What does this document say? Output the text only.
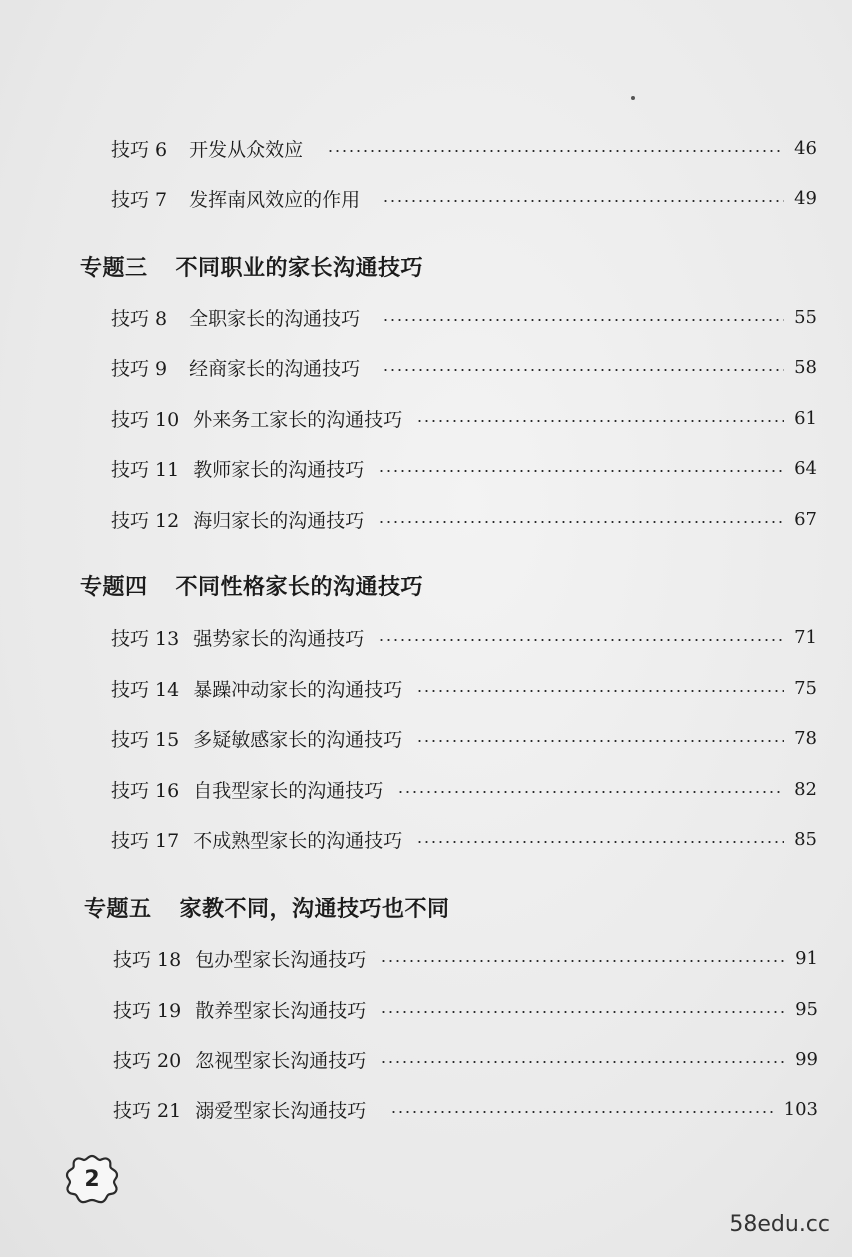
技巧 6 开发从众效应	46
技巧 7 发挥南风效应的作用	49
专题三 不同职业的家长沟通技巧
技巧 8 全职家长的沟通技巧	55
技巧 9 经商家长的沟通技巧	58
技巧 10 外来务工家长的沟通技巧	61
技巧 11 教师家长的沟通技巧	64
技巧 12 海归家长的沟通技巧	67
专题四 不同性格家长的沟通技巧
技巧 13 强势家长的沟通技巧	71
技巧 14 暴躁冲动家长的沟通技巧	75
技巧 15 多疑敏感家长的沟通技巧	78
技巧 16 自我型家长的沟通技巧	82
技巧 17 不成熟型家长的沟通技巧	85
专题五 家教不同，沟通技巧也不同
技巧 18 包办型家长沟通技巧	91
技巧 19 散养型家长沟通技巧	95
技巧 20 忽视型家长沟通技巧	99
技巧 21 溺爱型家长沟通技巧	103
2
58edu.cc
